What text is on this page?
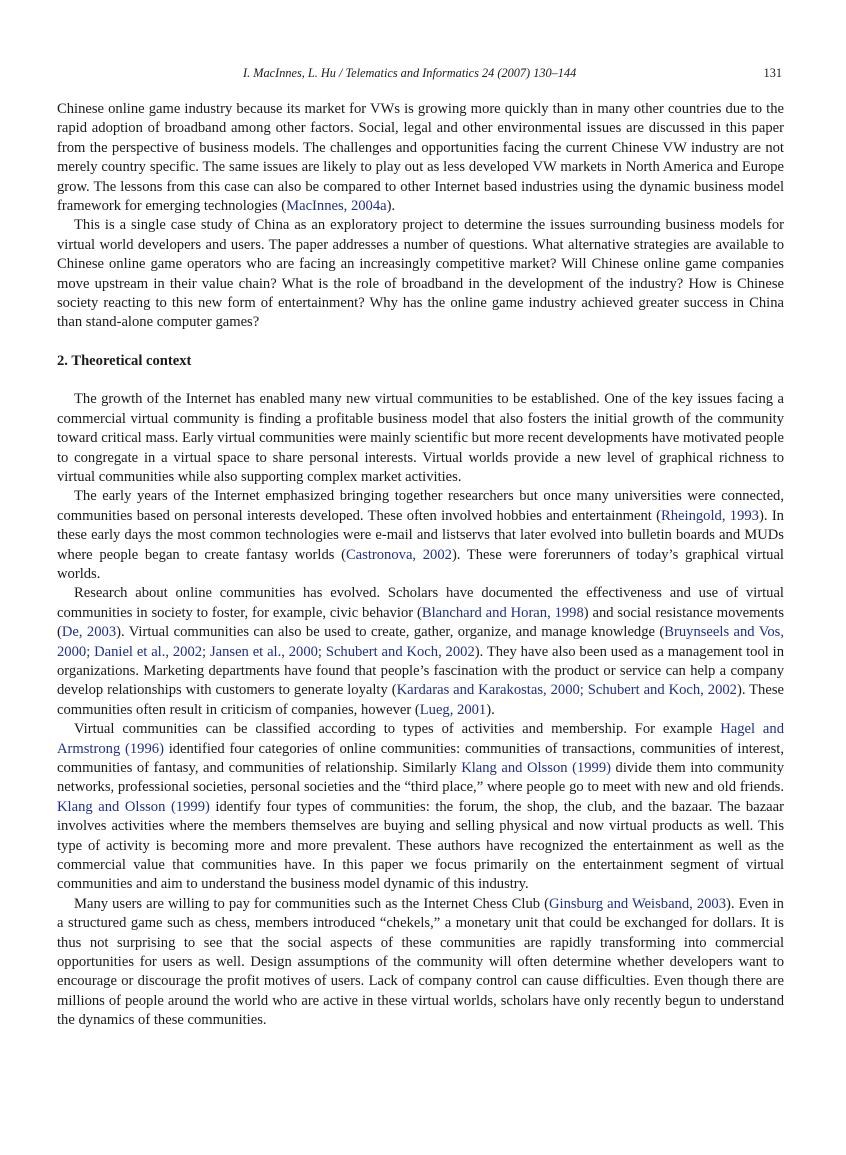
I. MacInnes, L. Hu / Telematics and Informatics 24 (2007) 130–144	131

Chinese online game industry because its market for VWs is growing more quickly than in many other countries due to the rapid adoption of broadband among other factors. Social, legal and other environmental issues are discussed in this paper from the perspective of business models. The challenges and opportunities facing the current Chinese VW industry are not merely country specific. The same issues are likely to play out as less developed VW markets in North America and Europe grow. The lessons from this case can also be compared to other Internet based industries using the dynamic business model framework for emerging technologies (MacInnes, 2004a).

This is a single case study of China as an exploratory project to determine the issues surrounding business models for virtual world developers and users. The paper addresses a number of questions. What alternative strategies are available to Chinese online game operators who are facing an increasingly competitive market? Will Chinese online game companies move upstream in their value chain? What is the role of broadband in the development of the industry? How is Chinese society reacting to this new form of entertainment? Why has the online game industry achieved greater success in China than stand-alone computer games?

2. Theoretical context

The growth of the Internet has enabled many new virtual communities to be established. One of the key issues facing a commercial virtual community is finding a profitable business model that also fosters the initial growth of the community toward critical mass. Early virtual communities were mainly scientific but more recent developments have motivated people to congregate in a virtual space to share personal interests. Virtual worlds provide a new level of graphical richness to virtual communities while also supporting complex market activities.

The early years of the Internet emphasized bringing together researchers but once many universities were connected, communities based on personal interests developed. These often involved hobbies and entertainment (Rheingold, 1993). In these early days the most common technologies were e-mail and listservs that later evolved into bulletin boards and MUDs where people began to create fantasy worlds (Castronova, 2002). These were forerunners of today’s graphical virtual worlds.

Research about online communities has evolved. Scholars have documented the effectiveness and use of virtual communities in society to foster, for example, civic behavior (Blanchard and Horan, 1998) and social resistance movements (De, 2003). Virtual communities can also be used to create, gather, organize, and manage knowledge (Bruynseels and Vos, 2000; Daniel et al., 2002; Jansen et al., 2000; Schubert and Koch, 2002). They have also been used as a management tool in organizations. Marketing departments have found that people’s fascination with the product or service can help a company develop relationships with customers to generate loyalty (Kardaras and Karakostas, 2000; Schubert and Koch, 2002). These communities often result in criticism of companies, however (Lueg, 2001).

Virtual communities can be classified according to types of activities and membership. For example Hagel and Armstrong (1996) identified four categories of online communities: communities of transactions, communities of interest, communities of fantasy, and communities of relationship. Similarly Klang and Olsson (1999) divide them into community networks, professional societies, personal societies and the “third place,” where people go to meet with new and old friends. Klang and Olsson (1999) identify four types of communities: the forum, the shop, the club, and the bazaar. The bazaar involves activities where the members themselves are buying and selling physical and now virtual products as well. This type of activity is becoming more and more prevalent. These authors have recognized the entertainment as well as the commercial value that communities have. In this paper we focus primarily on the entertainment segment of virtual communities and aim to understand the business model dynamic of this industry.

Many users are willing to pay for communities such as the Internet Chess Club (Ginsburg and Weisband, 2003). Even in a structured game such as chess, members introduced “chekels,” a monetary unit that could be exchanged for dollars. It is thus not surprising to see that the social aspects of these communities are rapidly transforming into commercial opportunities for users as well. Design assumptions of the community will often determine whether developers want to encourage or discourage the profit motives of users. Lack of company control can cause difficulties. Even though there are millions of people around the world who are active in these virtual worlds, scholars have only recently begun to understand the dynamics of these communities.
